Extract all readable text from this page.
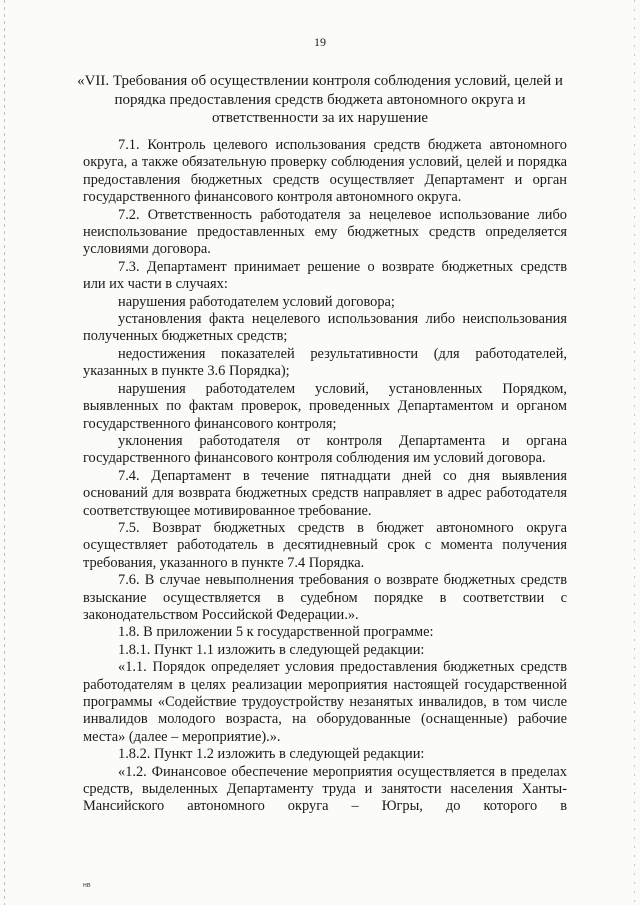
19
«VII. Требования об осуществлении контроля соблюдения условий, целей и порядка предоставления средств бюджета автономного округа и ответственности за их нарушение

7.1. Контроль целевого использования средств бюджета автономного округа, а также обязательную проверку соблюдения условий, целей и порядка предоставления бюджетных средств осуществляет Департамент и орган государственного финансового контроля автономного округа.

7.2. Ответственность работодателя за нецелевое использование либо неиспользование предоставленных ему бюджетных средств определяется условиями договора.

7.3. Департамент принимает решение о возврате бюджетных средств или их части в случаях:

нарушения работодателем условий договора;

установления факта нецелевого использования либо неиспользования полученных бюджетных средств;

недостижения показателей результативности (для работодателей, указанных в пункте 3.6 Порядка);

нарушения работодателем условий, установленных Порядком, выявленных по фактам проверок, проведенных Департаментом и органом государственного финансового контроля;

уклонения работодателя от контроля Департамента и органа государственного финансового контроля соблюдения им условий договора.

7.4. Департамент в течение пятнадцати дней со дня выявления оснований для возврата бюджетных средств направляет в адрес работодателя соответствующее мотивированное требование.

7.5. Возврат бюджетных средств в бюджет автономного округа осуществляет работодатель в десятидневный срок с момента получения требования, указанного в пункте 7.4 Порядка.

7.6. В случае невыполнения требования о возврате бюджетных средств взыскание осуществляется в судебном порядке в соответствии с законодательством Российской Федерации.».

1.8. В приложении 5 к государственной программе:

1.8.1. Пункт 1.1 изложить в следующей редакции:

«1.1. Порядок определяет условия предоставления бюджетных средств работодателям в целях реализации мероприятия настоящей государственной программы «Содействие трудоустройству незанятых инвалидов, в том числе инвалидов молодого возраста, на оборудованные (оснащенные) рабочие места» (далее – мероприятие).».

1.8.2. Пункт 1.2 изложить в следующей редакции:

«1.2. Финансовое обеспечение мероприятия осуществляется в пределах средств, выделенных Департаменту труда и занятости населения Ханты-Мансийского автономного округа – Югры, до которого в

нв
